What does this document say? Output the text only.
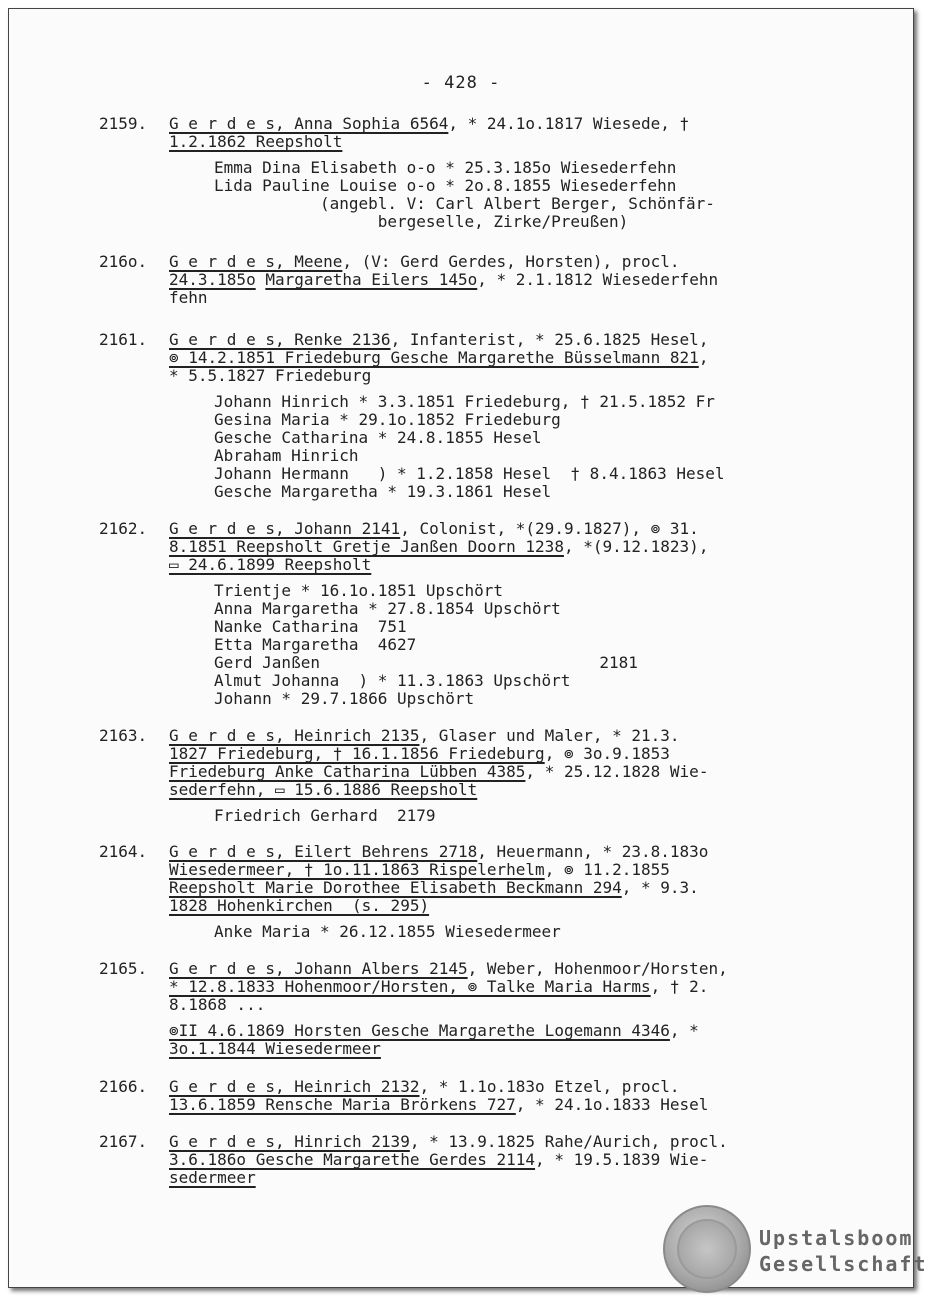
- 428 -
2159. G e r d e s, Anna Sophia 6564, * 24.1o.1817 Wiesede, †
1.2.1862 Reepsholt
Emma Dina Elisabeth o-o * 25.3.185o Wiesederfehn
Lida Pauline Louise o-o * 2o.8.1855 Wiesederfehn
(angebl. V: Carl Albert Berger, Schönfär-
bergeselle, Zirke/Preußen)
216o. G e r d e s, Meene, (V: Gerd Gerdes, Horsten), procl.
24.3.185o Margaretha Eilers 145o, * 2.1.1812 Wiesederfehn
fehn
2161. G e r d e s, Renke 2136, Infanterist, * 25.6.1825 Hesel,
⊚ 14.2.1851 Friedeburg Gesche Margarethe Büsselmann 821,
* 5.5.1827 Friedeburg
Johann Hinrich * 3.3.1851 Friedeburg, † 21.5.1852 Fr
Gesina Maria * 29.1o.1852 Friedeburg
Gesche Catharina * 24.8.1855 Hesel
Abraham Hinrich
Johann Hermann   ) * 1.2.1858 Hesel  † 8.4.1863 Hesel
Gesche Margaretha * 19.3.1861 Hesel
2162. G e r d e s, Johann 2141, Colonist, *(29.9.1827), ⊚ 31.
8.1851 Reepsholt Gretje Janßen Doorn 1238, *(9.12.1823),
▭ 24.6.1899 Reepsholt
Trientje * 16.1o.1851 Upschört
Anna Margaretha * 27.8.1854 Upschört
Nanke Catharina  751
Etta Margaretha  4627
Gerd Janßen                             2181
Almut Johanna  ) * 11.3.1863 Upschört
Johann * 29.7.1866 Upschört
2163. G e r d e s, Heinrich 2135, Glaser und Maler, * 21.3.
1827 Friedeburg, † 16.1.1856 Friedeburg, ⊚ 3o.9.1853
Friedeburg Anke Catharina Lübben 4385, * 25.12.1828 Wie-
sederfehn, ▭ 15.6.1886 Reepsholt
Friedrich Gerhard  2179
2164. G e r d e s, Eilert Behrens 2718, Heuermann, * 23.8.183o
Wiesedermeer, † 1o.11.1863 Rispelerhelm, ⊚ 11.2.1855
Reepsholt Marie Dorothee Elisabeth Beckmann 294, * 9.3.
1828 Hohenkirchen  (s. 295)
Anke Maria * 26.12.1855 Wiesedermeer
2165. G e r d e s, Johann Albers 2145, Weber, Hohenmoor/Horsten,
* 12.8.1833 Hohenmoor/Horsten, ⊚ Talke Maria Harms, † 2.
8.1868 ...
⊚II 4.6.1869 Horsten Gesche Margarethe Logemann 4346, *
3o.1.1844 Wiesedermeer
2166. G e r d e s, Heinrich 2132, * 1.1o.183o Etzel, procl.
13.6.1859 Rensche Maria Brörkens 727, * 24.1o.1833 Hesel
2167. G e r d e s, Hinrich 2139, * 13.9.1825 Rahe/Aurich, procl.
3.6.186o Gesche Margarethe Gerdes 2114, * 19.5.1839 Wie-
sedermeer
Upstalsboom
Gesellschaft
